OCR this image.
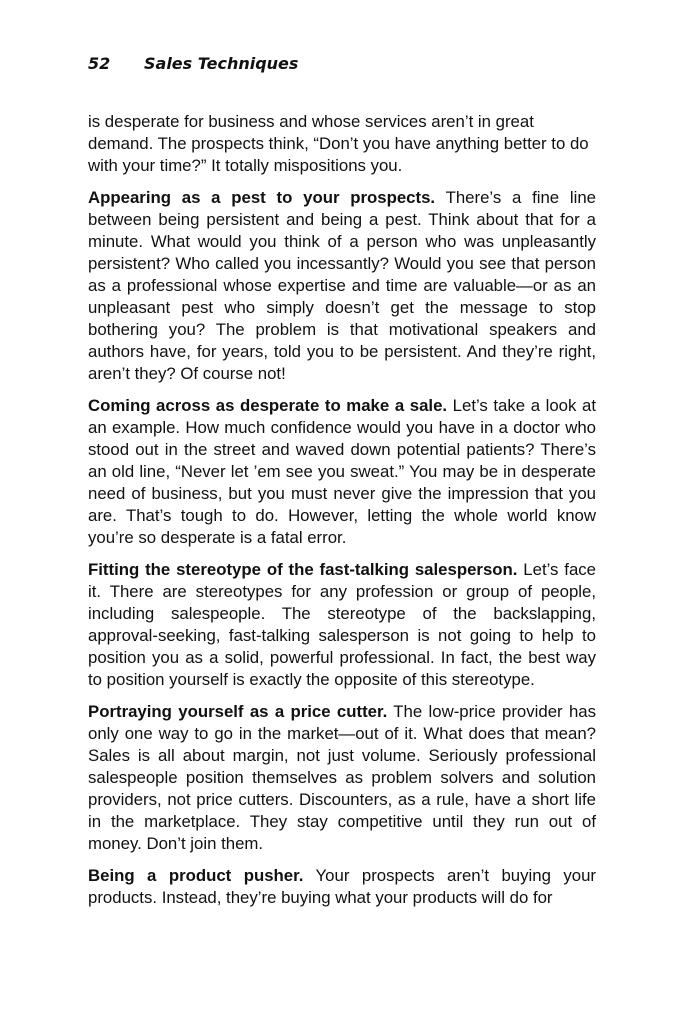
52 Sales Techniques

is desperate for business and whose services aren’t in great demand. The prospects think, “Don’t you have anything better to do with your time?” It totally mispositions you.

Appearing as a pest to your prospects. There’s a fine line between being persistent and being a pest. Think about that for a minute. What would you think of a person who was unpleasantly persistent? Who called you incessantly? Would you see that person as a professional whose expertise and time are valuable—or as an unpleasant pest who simply doesn’t get the message to stop bothering you? The problem is that motivational speakers and authors have, for years, told you to be persistent. And they’re right, aren’t they? Of course not!

Coming across as desperate to make a sale. Let’s take a look at an example. How much confidence would you have in a doctor who stood out in the street and waved down potential patients? There’s an old line, “Never let ’em see you sweat.” You may be in desperate need of business, but you must never give the impression that you are. That’s tough to do. However, letting the whole world know you’re so desperate is a fatal error.

Fitting the stereotype of the fast-talking salesperson. Let’s face it. There are stereotypes for any profession or group of people, including salespeople. The stereotype of the backslapping, approval-seeking, fast-talking salesperson is not going to help to position you as a solid, powerful professional. In fact, the best way to position yourself is exactly the opposite of this stereotype.

Portraying yourself as a price cutter. The low-price provider has only one way to go in the market—out of it. What does that mean? Sales is all about margin, not just volume. Seriously professional salespeople position themselves as problem solvers and solution providers, not price cutters. Discounters, as a rule, have a short life in the marketplace. They stay competitive until they run out of money. Don’t join them.

Being a product pusher. Your prospects aren’t buying your products. Instead, they’re buying what your products will do for
